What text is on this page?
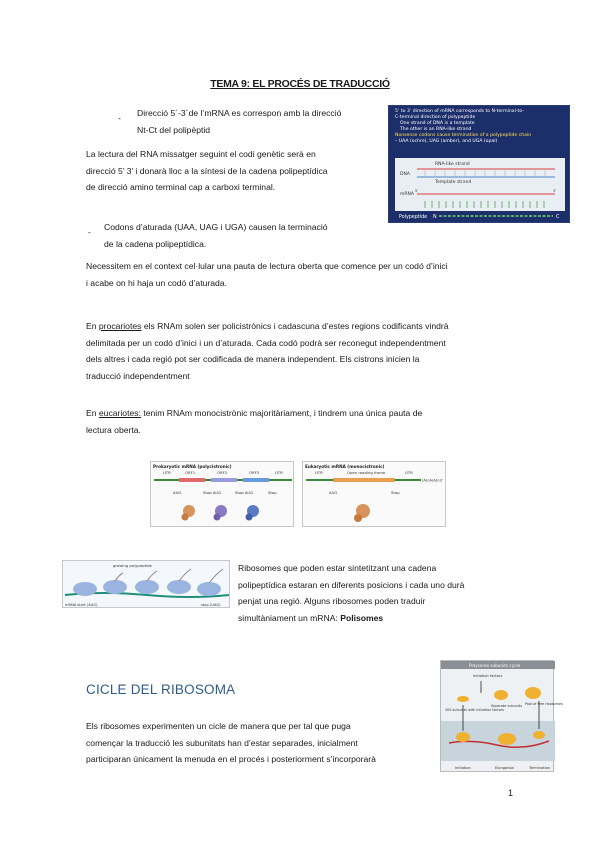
TEMA 9: EL PROCÉS DE TRADUCCIÓ
- Direcció 5´-3´de l’mRNA es correspon amb la direcció
Nt-Ct del polipèptid
La lectura del RNA missatger seguint el codi genètic serà en
direcció 5’ 3’ i donarà lloc a la síntesi de la cadena polipeptídica
de direcció amino terminal cap a carboxi terminal.
- Codons d’aturada (UAA, UAG i UGA) causen la terminació
de la cadena polipeptídica.
Necessitem en el context cel·lular una pauta de lectura oberta que comence per un codó d’inici
i acabe on hi haja un codó d’aturada.
En procariotes els RNAm solen ser policistrònics i cadascuna d’estes regions codificants vindrà
delimitada per un codó d’inici i un d’aturada. Cada codó podrà ser reconegut independentment
dels altres i cada regió pot ser codificada de manera independent. Els cistrons inicien la
traducció independentment
En eucariotes: tenim RNAm monocistrònic majoritàriament, i tindrem una única pauta de
lectura oberta.
5’ to 3’ direction of mRNA corresponds to N-terminal-to-
C-terminal direction of polypeptide
One strand of DNA is a template
The other is an RNA-like strand
Nonsense codons cause termination of a polypeptide chain
– UAA (ochre), UAG (amber), and UGA (opal)
RNA-like strand
DNA
Template strand
mRNA
5’	3’
Polypeptide N	C
Prokaryotic mRNA (polycistronic)
UTR	ORF1	ORF2	ORF3	UTR
AUG	Stop AUG	Stop AUG	Stop
Eukaryotic mRNA (monocistronic)
UTR	Open reading frame	UTR
(A)nA(A)n3’
AUG	Stop
growing polypeptide
mRNA start (AUG)	stop (UAG)
Ribosomes que poden estar sintetitzant una cadena
polipeptídica estaran en diferents posicions i cada uno durà
penjat una regió. Alguns ribosomes poden traduir
simultàniament un mRNA: Polisomes
CICLE DEL RIBOSOMA
Polysome subunits cycle
Initiation factors
30S subunits with initiation factors
Separate subunits Pool of free ribosomes
Initiation	Elongation	Termination
Els ribosomes experimenten un cicle de manera que per tal que puga
començar la traducció les subunitats han d’estar separades, inicialment
participaran únicament la menuda en el procés i posteriorment s’incorporarà
1
